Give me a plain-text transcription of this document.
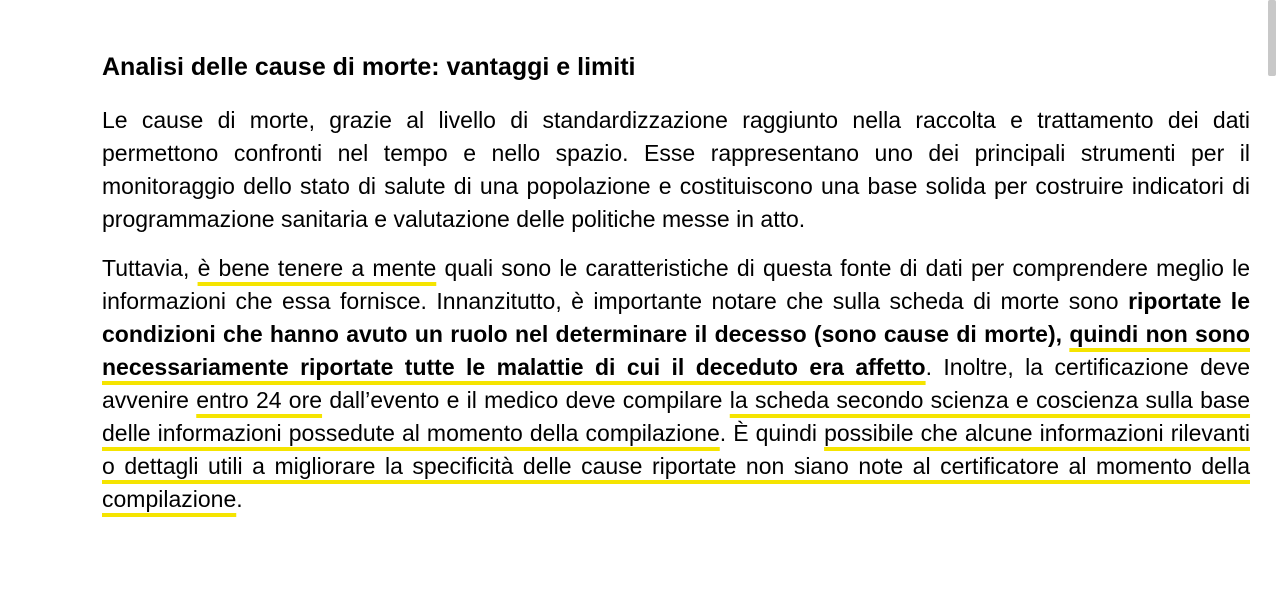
Analisi delle cause di morte: vantaggi e limiti

Le cause di morte, grazie al livello di standardizzazione raggiunto nella raccolta e trattamento dei dati permettono confronti nel tempo e nello spazio. Esse rappresentano uno dei principali strumenti per il monitoraggio dello stato di salute di una popolazione e costituiscono una base solida per costruire indicatori di programmazione sanitaria e valutazione delle politiche messe in atto.

Tuttavia, è bene tenere a mente quali sono le caratteristiche di questa fonte di dati per comprendere meglio le informazioni che essa fornisce. Innanzitutto, è importante notare che sulla scheda di morte sono riportate le condizioni che hanno avuto un ruolo nel determinare il decesso (sono cause di morte), quindi non sono necessariamente riportate tutte le malattie di cui il deceduto era affetto. Inoltre, la certificazione deve avvenire entro 24 ore dall’evento e il medico deve compilare la scheda secondo scienza e coscienza sulla base delle informazioni possedute al momento della compilazione. È quindi possibile che alcune informazioni rilevanti o dettagli utili a migliorare la specificità delle cause riportate non siano note al certificatore al momento della compilazione.
